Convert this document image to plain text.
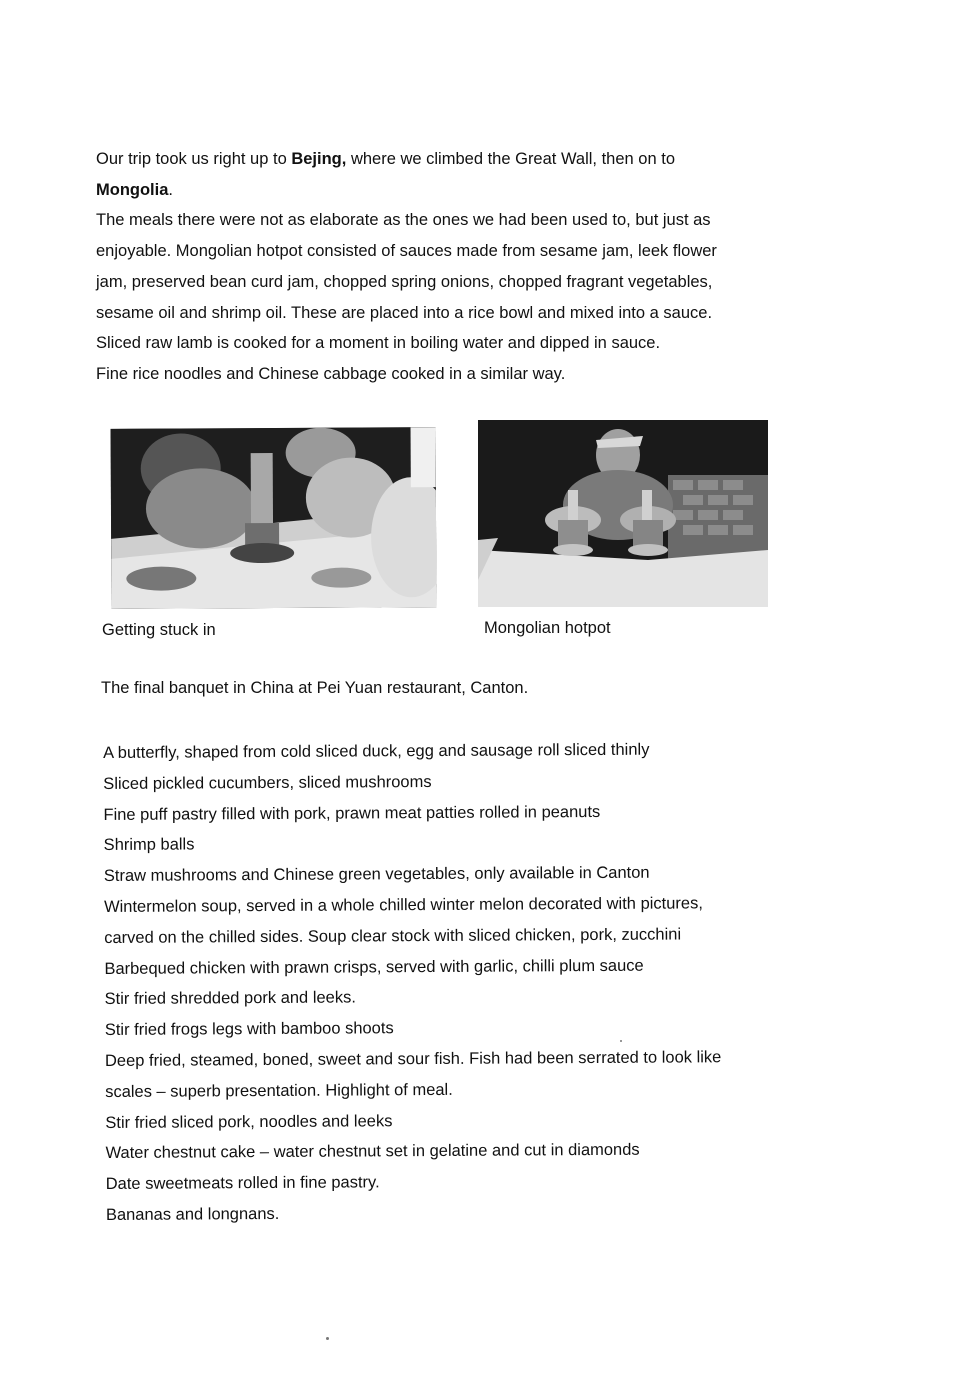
Our trip took us right up to Bejing, where we climbed the Great Wall, then on to

Mongolia.

The meals there were not as elaborate as the ones we had been used to, but just as

enjoyable. Mongolian hotpot consisted of sauces made from sesame jam, leek flower

jam, preserved bean curd jam, chopped spring onions, chopped fragrant vegetables,

sesame oil and shrimp oil. These are placed into a rice bowl and mixed into a sauce.

Sliced raw lamb is cooked for a moment in boiling water and dipped in sauce.

Fine rice noodles and Chinese cabbage cooked in a similar way.

Getting stuck in	Mongolian hotpot
The final banquet in China at Pei Yuan restaurant, Canton.
A butterfly, shaped from cold sliced duck, egg and sausage roll sliced thinly
Sliced pickled cucumbers, sliced mushrooms
Fine puff pastry filled with pork, prawn meat patties rolled in peanuts
Shrimp balls
Straw mushrooms and Chinese green vegetables, only available in Canton
Wintermelon soup, served in a whole chilled winter melon decorated with pictures,
carved on the chilled sides. Soup clear stock with sliced chicken, pork, zucchini
Barbequed chicken with prawn crisps, served with garlic, chilli plum sauce
Stir fried shredded pork and leeks.
Stir fried frogs legs with bamboo shoots
Deep fried, steamed, boned, sweet and sour fish. Fish had been serrated to look like
scales – superb presentation. Highlight of meal.
Stir fried sliced pork, noodles and leeks
Water chestnut cake – water chestnut set in gelatine and cut in diamonds
Date sweetmeats rolled in fine pastry.
Bananas and longnans.
